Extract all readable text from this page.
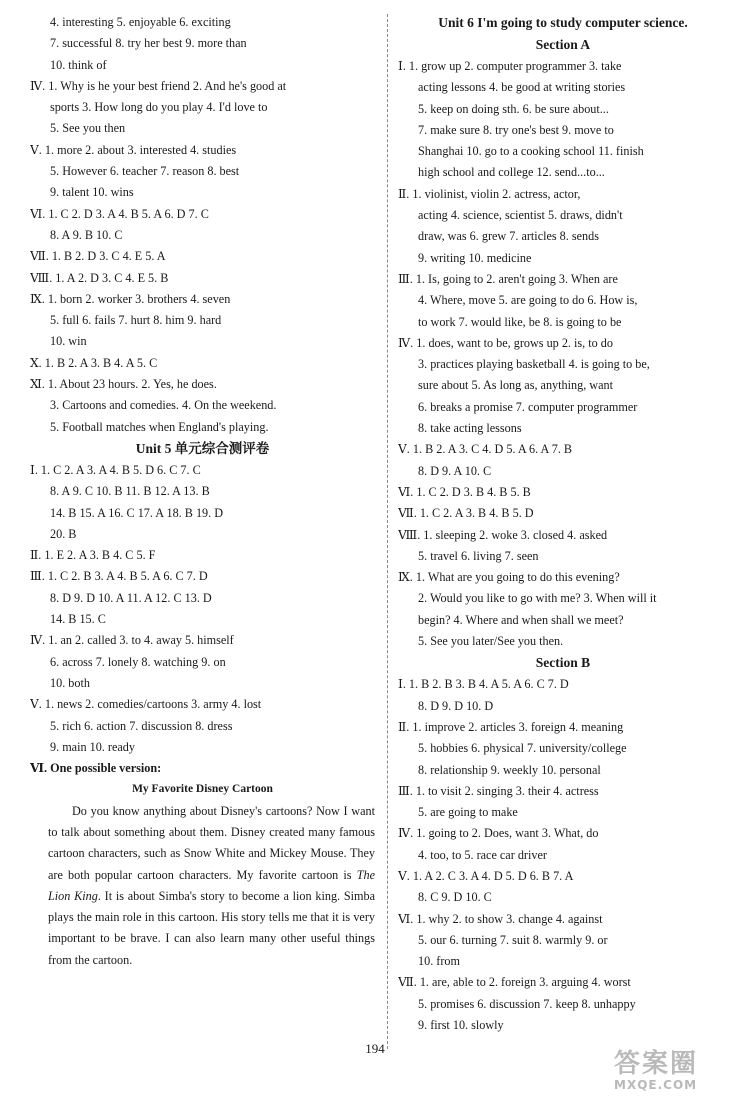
4. interesting 5. enjoyable 6. exciting
7. successful 8. try her best 9. more than
10. think of
Ⅳ. 1. Why is he your best friend 2. And he's good at
sports 3. How long do you play 4. I'd love to
5. See you then
Ⅴ. 1. more 2. about 3. interested 4. studies
5. However 6. teacher 7. reason 8. best
9. talent 10. wins
Ⅵ. 1. C 2. D 3. A 4. B 5. A 6. D 7. C
8. A 9. B 10. C
Ⅶ. 1. B 2. D 3. C 4. E 5. A
Ⅷ. 1. A 2. D 3. C 4. E 5. B
Ⅸ. 1. born 2. worker 3. brothers 4. seven
5. full 6. fails 7. hurt 8. him 9. hard
10. win
Ⅹ. 1. B 2. A 3. B 4. A 5. C
Ⅺ. 1. About 23 hours. 2. Yes, he does.
3. Cartoons and comedies. 4. On the weekend.
5. Football matches when England's playing.
Unit 5 单元综合测评卷
Ⅰ. 1. C 2. A 3. A 4. B 5. D 6. C 7. C
8. A 9. C 10. B 11. B 12. A 13. B
14. B 15. A 16. C 17. A 18. B 19. D
20. B
Ⅱ. 1. E 2. A 3. B 4. C 5. F
Ⅲ. 1. C 2. B 3. A 4. B 5. A 6. C 7. D
8. D 9. D 10. A 11. A 12. C 13. D
14. B 15. C
Ⅳ. 1. an 2. called 3. to 4. away 5. himself
6. across 7. lonely 8. watching 9. on
10. both
Ⅴ. 1. news 2. comedies/cartoons 3. army 4. lost
5. rich 6. action 7. discussion 8. dress
9. main 10. ready
Ⅵ. One possible version:
My Favorite Disney Cartoon

Do you know anything about Disney's cartoons? Now I want to talk about something about them. Disney created many famous cartoon characters, such as Snow White and Mickey Mouse. They are both popular cartoon characters. My favorite cartoon is The Lion King. It is about Simba's story to become a lion king. Simba plays the main role in this cartoon. His story tells me that it is very important to be brave. I can also learn many other useful things from the cartoon.

Unit 6 I'm going to study computer science.
Section A
Ⅰ. 1. grow up 2. computer programmer 3. take
acting lessons 4. be good at writing stories
5. keep on doing sth. 6. be sure about...
7. make sure 8. try one's best 9. move to
Shanghai 10. go to a cooking school 11. finish
high school and college 12. send...to...
Ⅱ. 1. violinist, violin 2. actress, actor,
acting 4. science, scientist 5. draws, didn't
draw, was 6. grew 7. articles 8. sends
9. writing 10. medicine
Ⅲ. 1. Is, going to 2. aren't going 3. When are
4. Where, move 5. are going to do 6. How is,
to work 7. would like, be 8. is going to be
Ⅳ. 1. does, want to be, grows up 2. is, to do
3. practices playing basketball 4. is going to be,
sure about 5. As long as, anything, want
6. breaks a promise 7. computer programmer
8. take acting lessons
Ⅴ. 1. B 2. A 3. C 4. D 5. A 6. A 7. B
8. D 9. A 10. C
Ⅵ. 1. C 2. D 3. B 4. B 5. B
Ⅶ. 1. C 2. A 3. B 4. B 5. D
Ⅷ. 1. sleeping 2. woke 3. closed 4. asked
5. travel 6. living 7. seen
Ⅸ. 1. What are you going to do this evening?
2. Would you like to go with me? 3. When will it
begin? 4. Where and when shall we meet?
5. See you later/See you then.
Section B
Ⅰ. 1. B 2. B 3. B 4. A 5. A 6. C 7. D
8. D 9. D 10. D
Ⅱ. 1. improve 2. articles 3. foreign 4. meaning
5. hobbies 6. physical 7. university/college
8. relationship 9. weekly 10. personal
Ⅲ. 1. to visit 2. singing 3. their 4. actress
5. are going to make
Ⅳ. 1. going to 2. Does, want 3. What, do
4. too, to 5. race car driver
Ⅴ. 1. A 2. C 3. A 4. D 5. D 6. B 7. A
8. C 9. D 10. C
Ⅵ. 1. why 2. to show 3. change 4. against
5. our 6. turning 7. suit 8. warmly 9. or
10. from
Ⅶ. 1. are, able to 2. foreign 3. arguing 4. worst
5. promises 6. discussion 7. keep 8. unhappy
9. first 10. slowly
194
答案圈
MXQE.COM
